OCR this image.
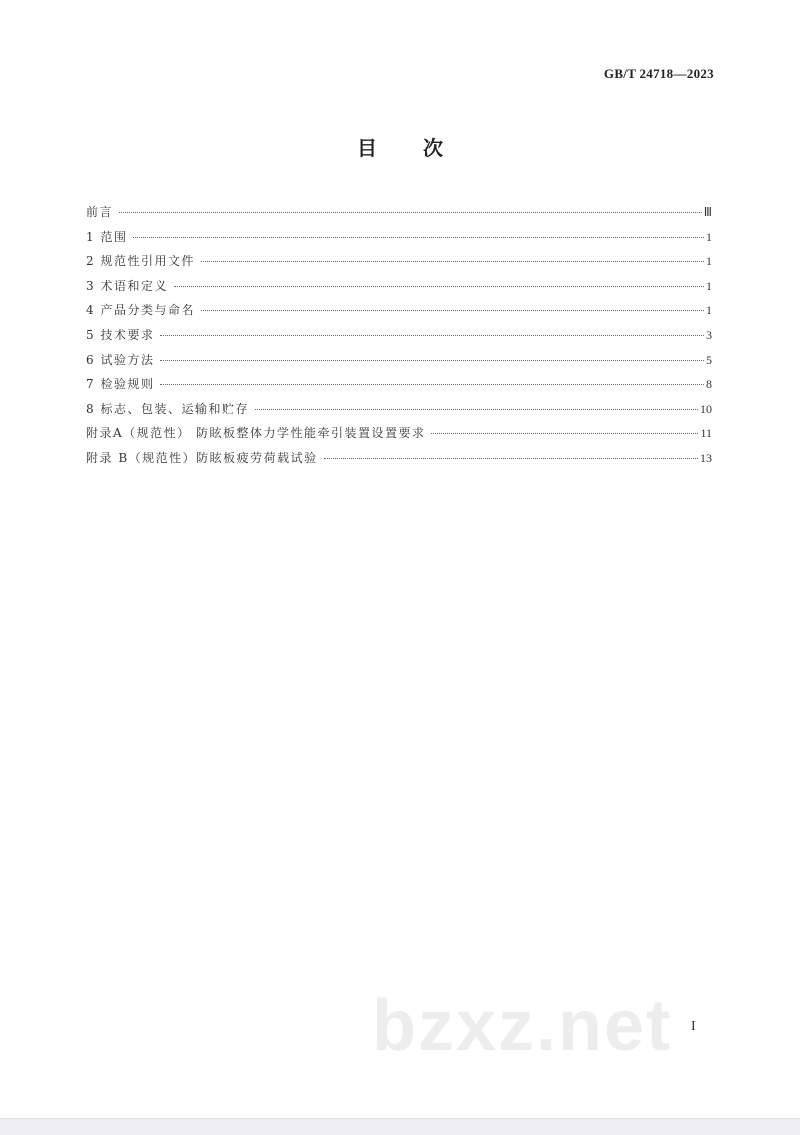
GB/T 24718—2023
目次
前言	Ⅲ
1 范围	1
2 规范性引用文件	1
3 术语和定义	1
4 产品分类与命名	1
5 技术要求	3
6 试验方法	5
7 检验规则	8
8 标志、包装、运输和贮存	10
附录A（规范性） 防眩板整体力学性能牵引装置设置要求	11
附录 B（规范性）防眩板疲劳荷载试验	13
bzxz.net I
